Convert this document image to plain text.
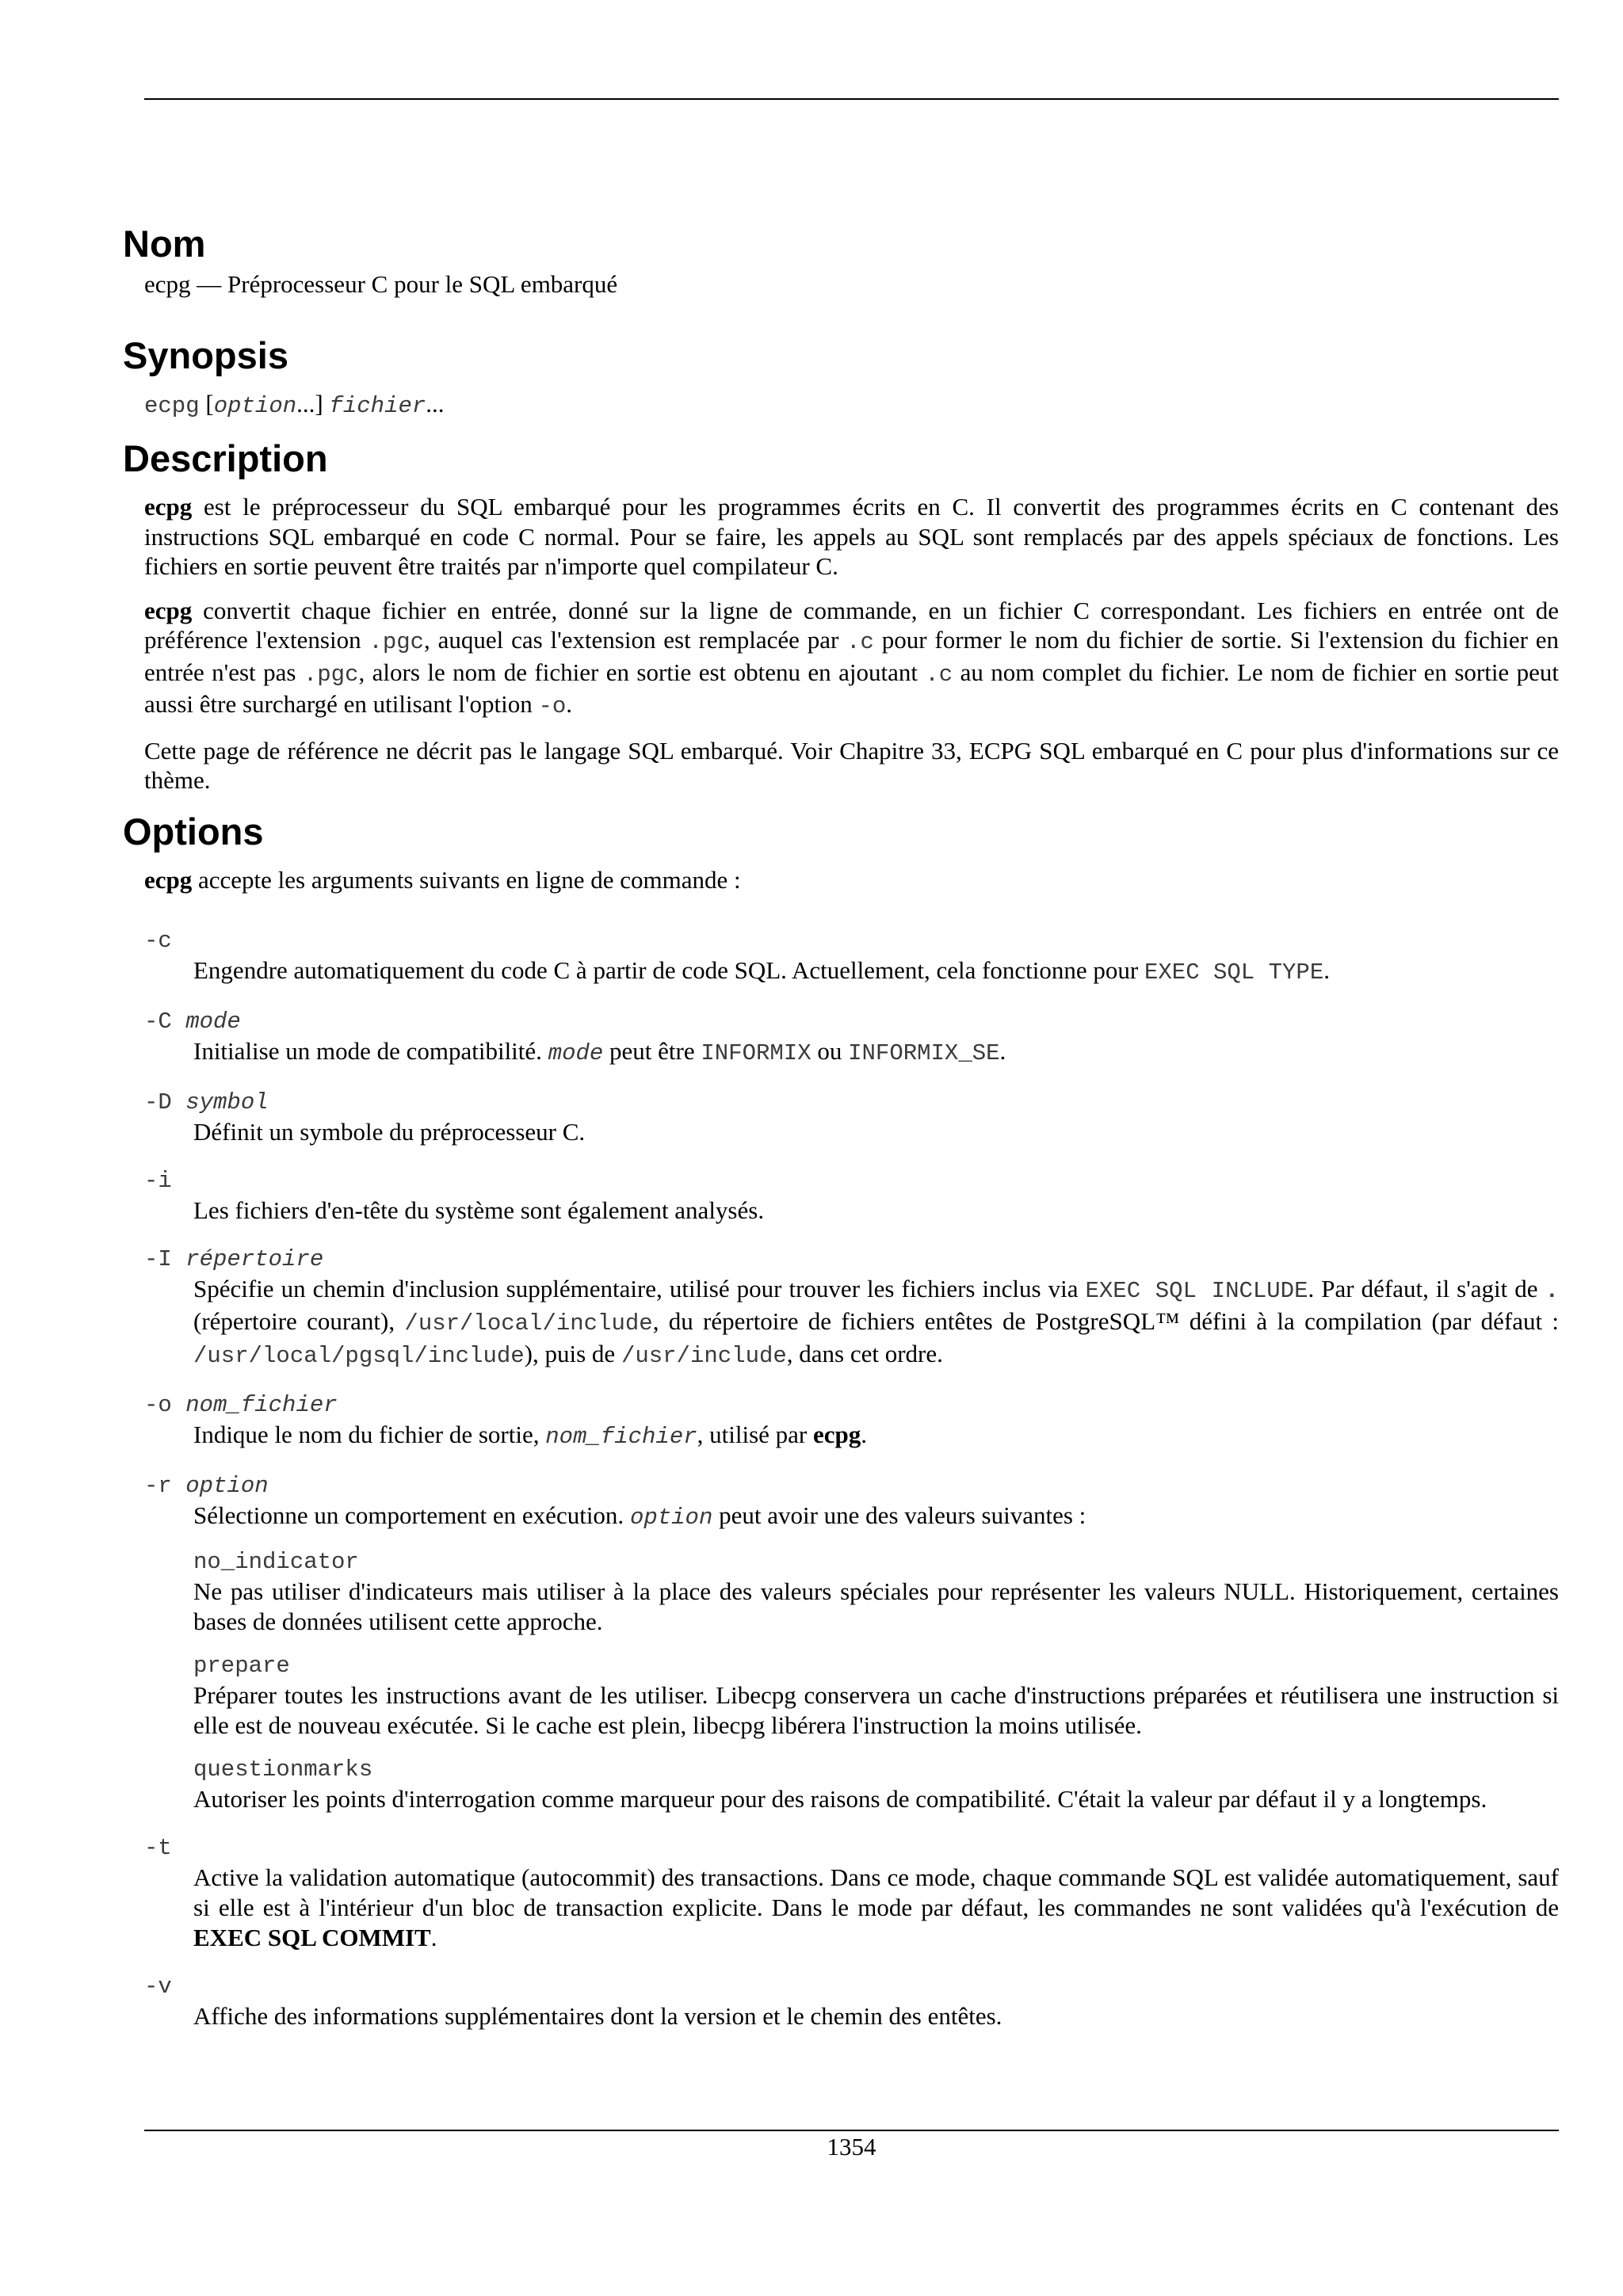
Nom

ecpg — Préprocesseur C pour le SQL embarqué

Synopsis

ecpg [option...] fichier...

Description

ecpg est le préprocesseur du SQL embarqué pour les programmes écrits en C. Il convertit des programmes écrits en C contenant des instructions SQL embarqué en code C normal. Pour se faire, les appels au SQL sont remplacés par des appels spéciaux de fonctions. Les fichiers en sortie peuvent être traités par n'importe quel compilateur C.

ecpg convertit chaque fichier en entrée, donné sur la ligne de commande, en un fichier C correspondant. Les fichiers en entrée ont de préférence l'extension .pgc, auquel cas l'extension est remplacée par .c pour former le nom du fichier de sortie. Si l'extension du fichier en entrée n'est pas .pgc, alors le nom de fichier en sortie est obtenu en ajoutant .c au nom complet du fichier. Le nom de fichier en sortie peut aussi être surchargé en utilisant l'option -o.

Cette page de référence ne décrit pas le langage SQL embarqué. Voir Chapitre 33, ECPG SQL embarqué en C pour plus d'informations sur ce thème.

Options

ecpg accepte les arguments suivants en ligne de commande :

-c
Engendre automatiquement du code C à partir de code SQL. Actuellement, cela fonctionne pour EXEC SQL TYPE.
-C mode
Initialise un mode de compatibilité. mode peut être INFORMIX ou INFORMIX_SE.
-D symbol
Définit un symbole du préprocesseur C.
-i
Les fichiers d'en-tête du système sont également analysés.
-I répertoire
Spécifie un chemin d'inclusion supplémentaire, utilisé pour trouver les fichiers inclus via EXEC SQL INCLUDE. Par défaut, il s'agit de . (répertoire courant), /usr/local/include, du répertoire de fichiers entêtes de PostgreSQL™ défini à la compilation (par défaut : /usr/local/pgsql/include), puis de /usr/include, dans cet ordre.
-o nom_fichier
Indique le nom du fichier de sortie, nom_fichier, utilisé par ecpg.
-r option
Sélectionne un comportement en exécution. option peut avoir une des valeurs suivantes :
no_indicator
Ne pas utiliser d'indicateurs mais utiliser à la place des valeurs spéciales pour représenter les valeurs NULL. Historiquement, certaines bases de données utilisent cette approche.
prepare
Préparer toutes les instructions avant de les utiliser. Libecpg conservera un cache d'instructions préparées et réutilisera une instruction si elle est de nouveau exécutée. Si le cache est plein, libecpg libérera l'instruction la moins utilisée.
questionmarks
Autoriser les points d'interrogation comme marqueur pour des raisons de compatibilité. C'était la valeur par défaut il y a longtemps.
-t
Active la validation automatique (autocommit) des transactions. Dans ce mode, chaque commande SQL est validée automatiquement, sauf si elle est à l'intérieur d'un bloc de transaction explicite. Dans le mode par défaut, les commandes ne sont validées qu'à l'exécution de EXEC SQL COMMIT.
-v
Affiche des informations supplémentaires dont la version et le chemin des entêtes.
1354
